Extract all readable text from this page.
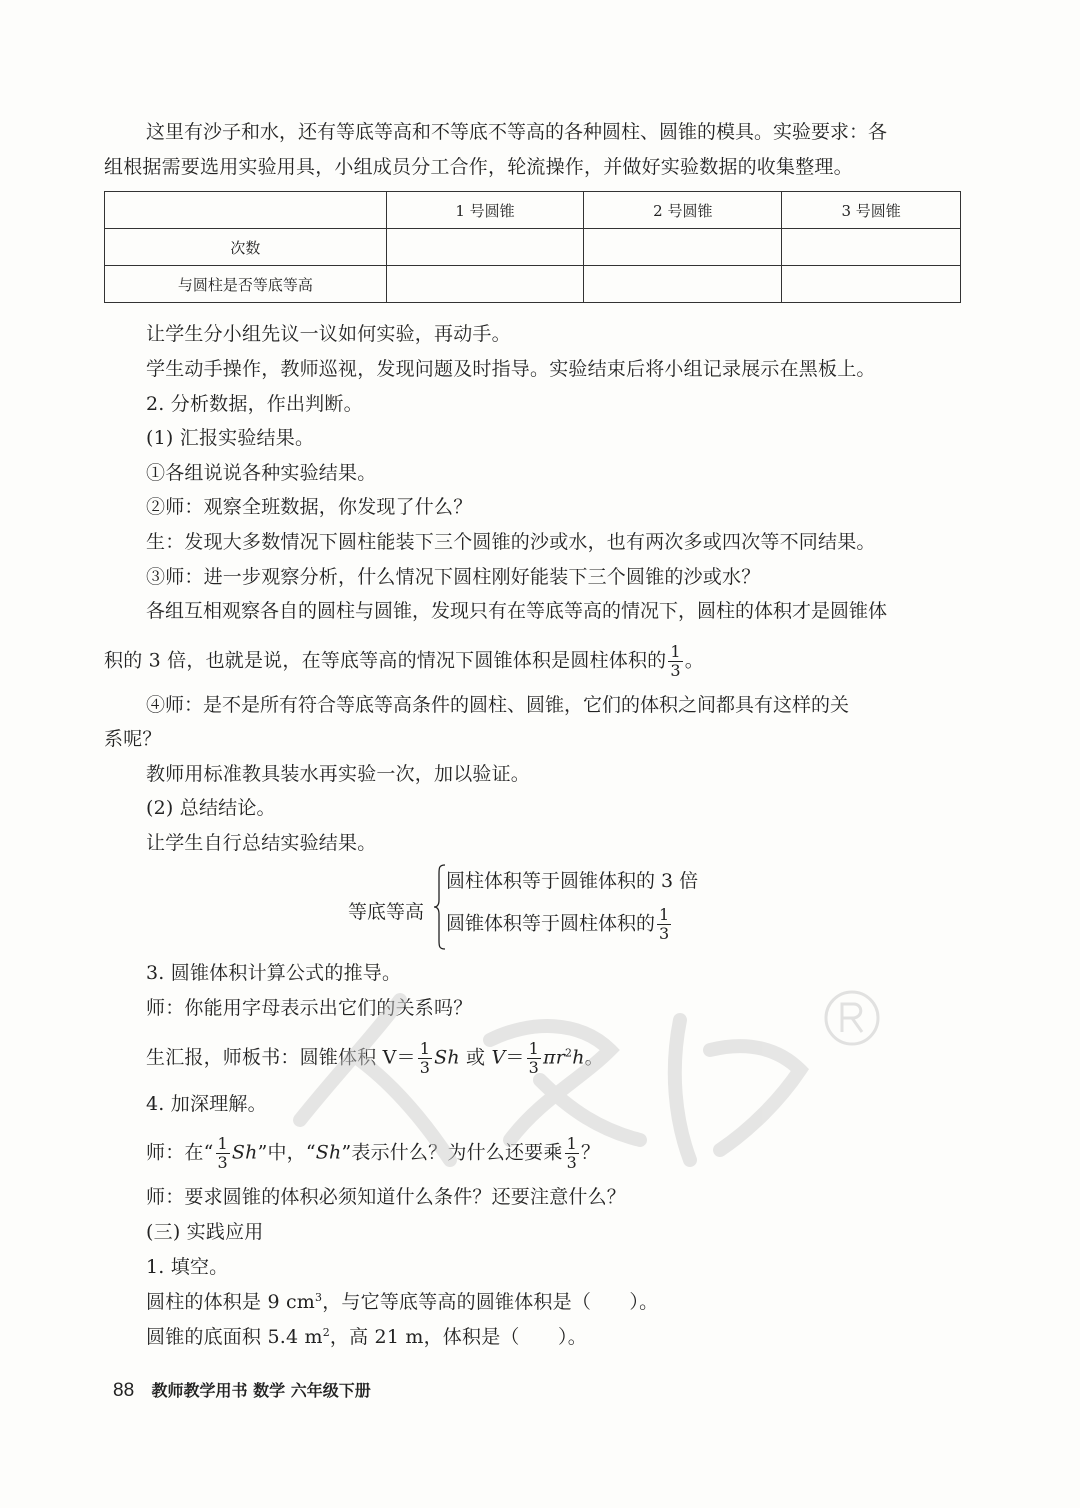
这里有沙子和水，还有等底等高和不等底不等高的各种圆柱、圆锥的模具。实验要求：各
组根据需要选用实验用具，小组成员分工合作，轮流操作，并做好实验数据的收集整理。
	1 号圆锥	2 号圆锥	3 号圆锥
次数			
与圆柱是否等底等高			
让学生分小组先议一议如何实验，再动手。
学生动手操作，教师巡视，发现问题及时指导。实验结束后将小组记录展示在黑板上。
2. 分析数据，作出判断。
(1) 汇报实验结果。
①各组说说各种实验结果。
②师：观察全班数据，你发现了什么？
生：发现大多数情况下圆柱能装下三个圆锥的沙或水，也有两次多或四次等不同结果。
③师：进一步观察分析，什么情况下圆柱刚好能装下三个圆锥的沙或水？
各组互相观察各自的圆柱与圆锥，发现只有在等底等高的情况下，圆柱的体积才是圆锥体
积的 3 倍，也就是说，在等底等高的情况下圆锥体积是圆柱体积的 $\frac{1}{3}$ 。
④师：是不是所有符合等底等高条件的圆柱、圆锥，它们的体积之间都具有这样的关
系呢？
教师用标准教具装水再实验一次，加以验证。
(2) 总结结论。
让学生自行总结实验结果。
等底等高
圆柱体积等于圆锥体积的 3 倍
圆锥体积等于圆柱体积的 $\frac{1}{3}$
3. 圆锥体积计算公式的推导。
师：你能用字母表示出它们的关系吗？
生汇报，师板书：圆锥体积 $V= \frac{1}{3}$ Sh 或 $V= \frac{1}{3} \pi r^2h$。
4. 加深理解。
师：在“ $\frac{1}{3} Sh$”中，“Sh”表示什么？为什么还要乘 $\frac{1}{3}$ ？
师：要求圆锥的体积必须知道什么条件？还要注意什么？
(三) 实践应用
1. 填空。
圆柱的体积是 9 $cm^3$，与它等底等高的圆锥体积是（　　）。
圆锥的底面积 5.4 $m^2$，高 21 m，体积是（　　）。
88 教师教学用书 数学 六年级下册
